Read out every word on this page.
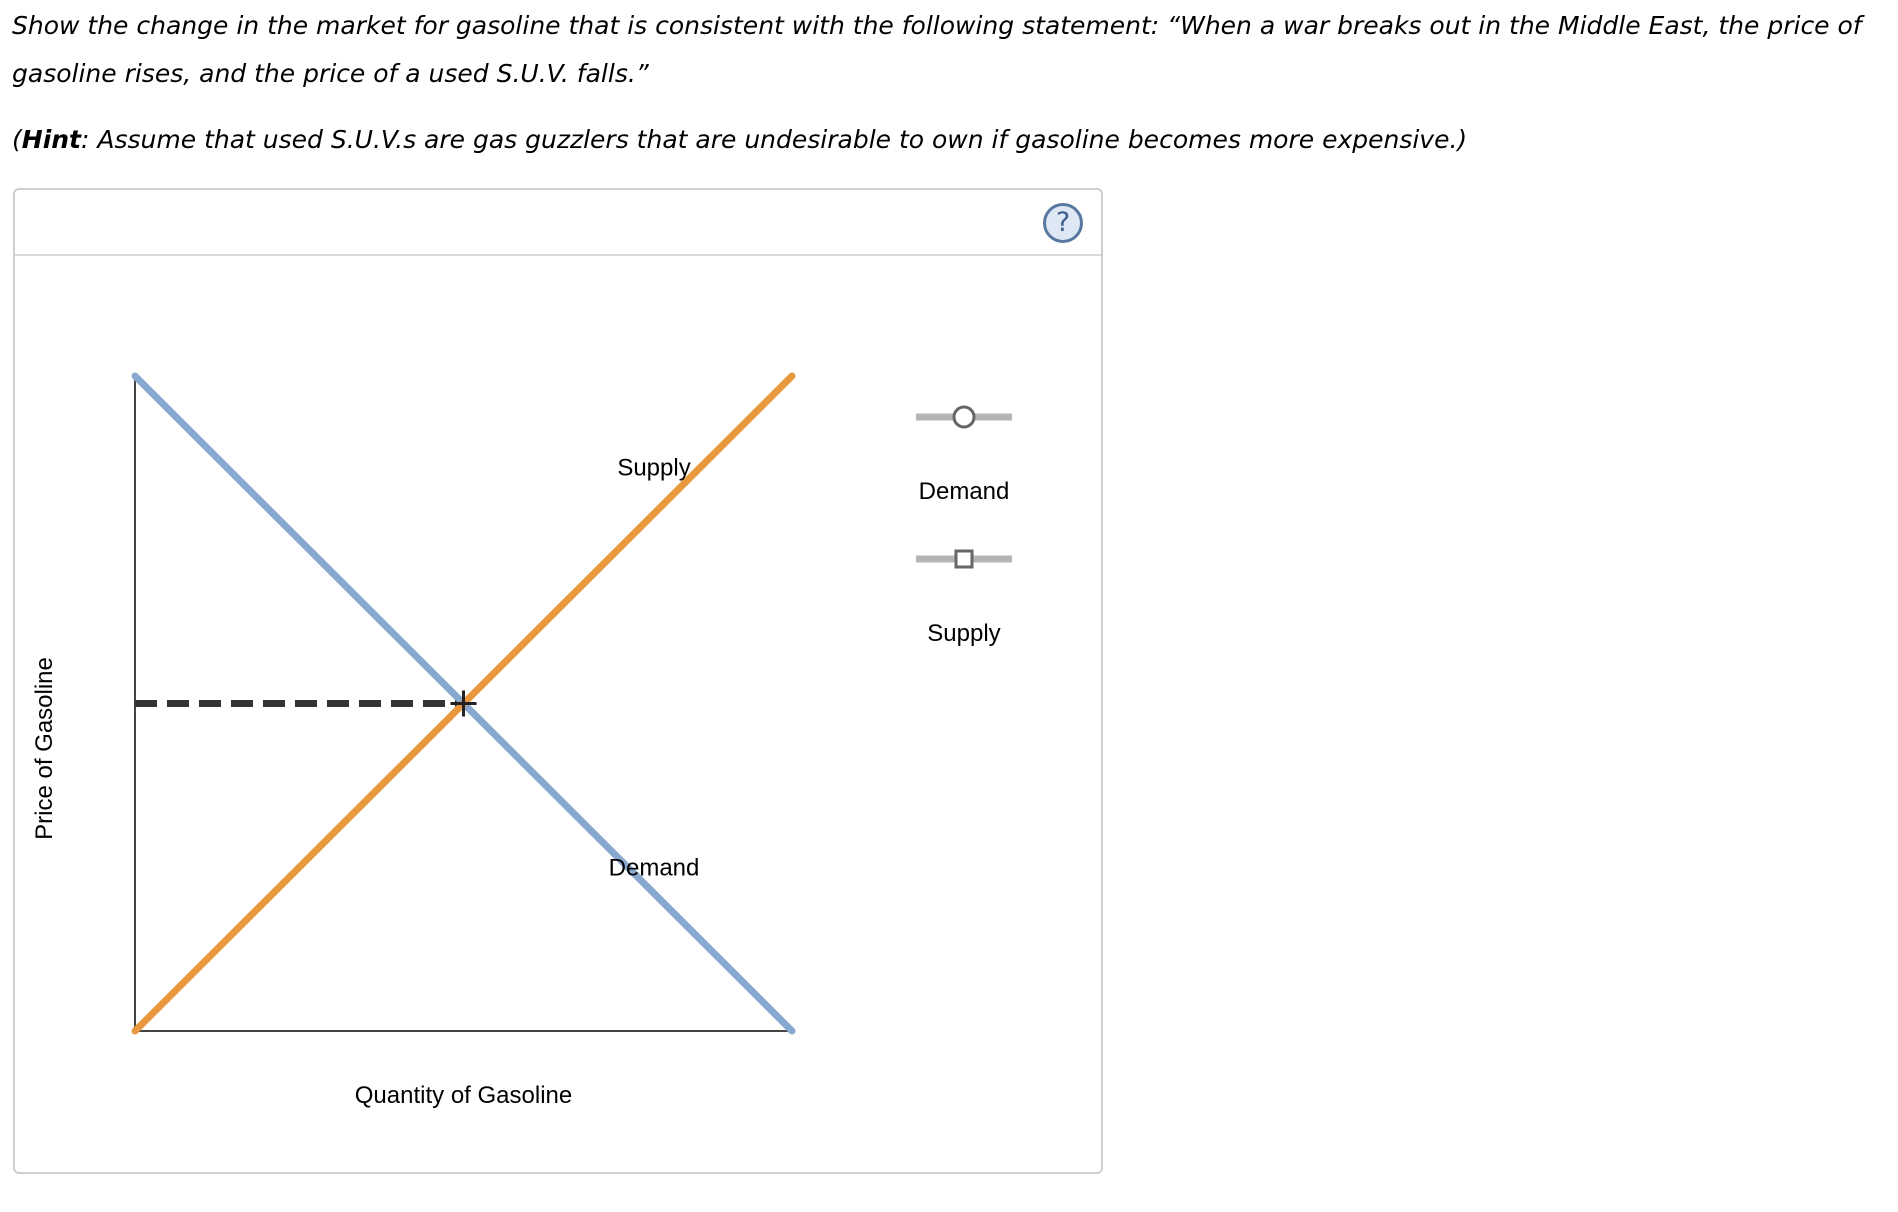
Show the change in the market for gasoline that is consistent with the following statement: “When a war breaks out in the Middle East, the price of

gasoline rises, and the price of a used S.U.V. falls.”

(Hint: Assume that used S.U.V.s are gas guzzlers that are undesirable to own if gasoline becomes more expensive.)
?
Quantity of Gasoline
Price of Gasoline
Demand
Supply
Demand
Supply
